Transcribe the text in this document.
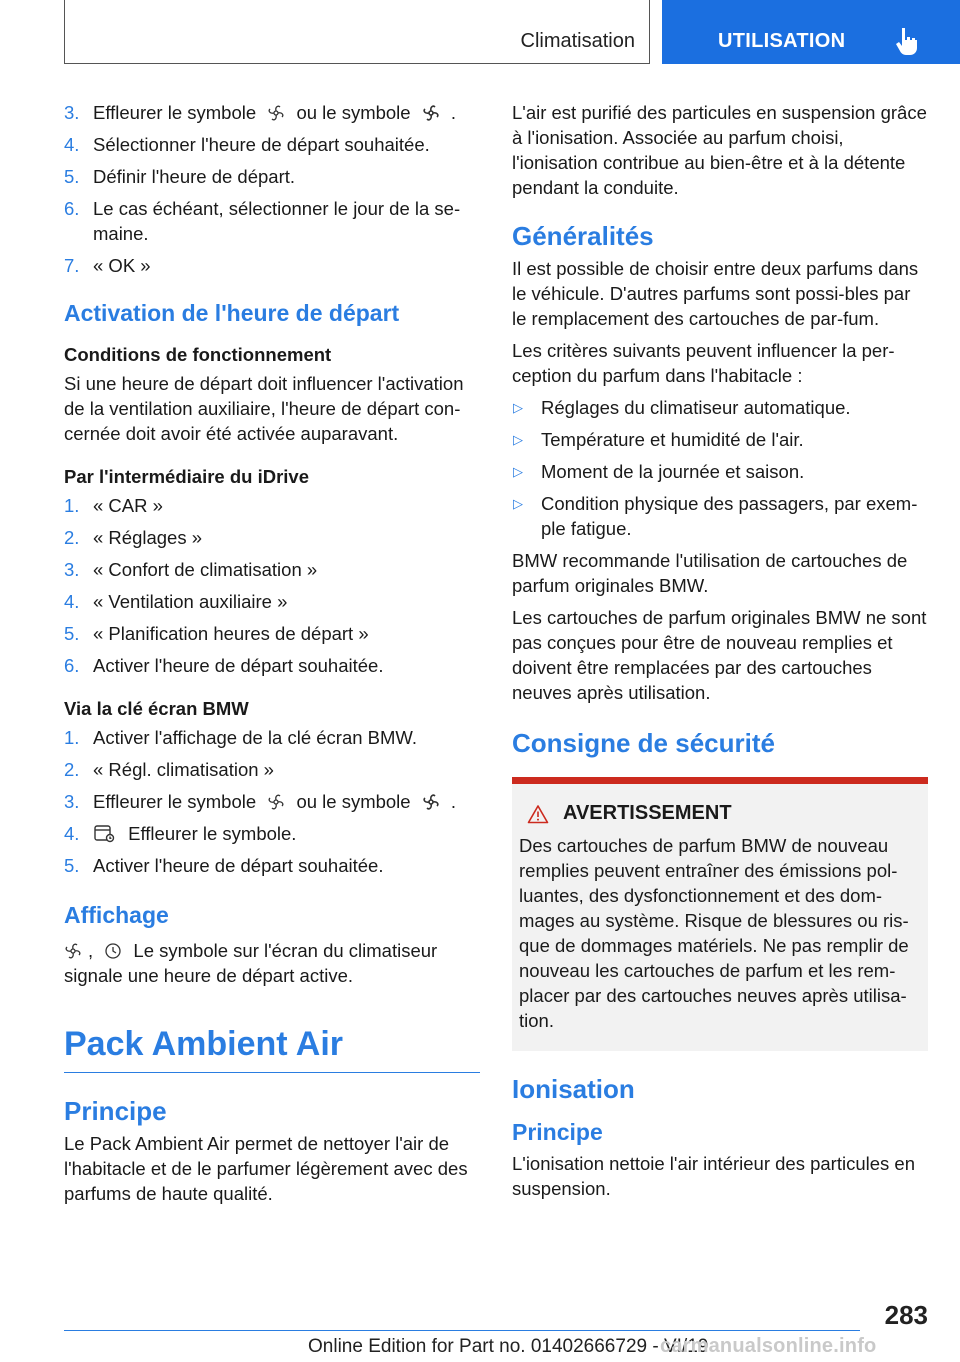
Climatisation	UTILISATION
3. Effleurer le symbole ou le symbole .
4. Sélectionner l'heure de départ souhaitée.
5. Définir l'heure de départ.
6. Le cas échéant, sélectionner le jour de la se‐maine.
7. « OK »
Activation de l'heure de départ
Conditions de fonctionnement

Si une heure de départ doit influencer l'activation de la ventilation auxiliaire, l'heure de départ con‐cernée doit avoir été activée auparavant.

Par l'intermédiaire du iDrive
1. « CAR »
2. « Réglages »
3. « Confort de climatisation »
4. « Ventilation auxiliaire »
5. « Planification heures de départ »
6. Activer l'heure de départ souhaitée.
Via la clé écran BMW
1. Activer l'affichage de la clé écran BMW.
2. « Régl. climatisation »
3. Effleurer le symbole ou le symbole .
4.	Effleurer le symbole.
5. Activer l'heure de départ souhaitée.
Affichage

, Le symbole sur l'écran du climatiseur signale une heure de départ active.

Pack Ambient Air
Principe

Le Pack Ambient Air permet de nettoyer l'air de l'habitacle et de le parfumer légèrement avec des parfums de haute qualité.

L'air est purifié des particules en suspension grâce à l'ionisation. Associée au parfum choisi, l'ionisation contribue au bien-être et à la détente pendant la conduite.

Généralités

Il est possible de choisir entre deux parfums dans le véhicule. D'autres parfums sont possi‐bles par le remplacement des cartouches de par‐fum.

Les critères suivants peuvent influencer la per‐ception du parfum dans l'habitacle :

▷ Réglages du climatiseur automatique.
▷ Température et humidité de l'air.
▷ Moment de la journée et saison.
▷ Condition physique des passagers, par exem‐ple fatigue.

BMW recommande l'utilisation de cartouches de parfum originales BMW.

Les cartouches de parfum originales BMW ne sont pas conçues pour être de nouveau remplies et doivent être remplacées par des cartouches neuves après utilisation.

Consigne de sécurité
AVERTISSEMENT

Des cartouches de parfum BMW de nouveau remplies peuvent entraîner des émissions pol‐luantes, des dysfonctionnement et des dom‐mages au système. Risque de blessures ou ris‐que de dommages matériels. Ne pas remplir de nouveau les cartouches de parfum et les rem‐placer par des cartouches neuves après utilisa‐tion.

Ionisation
Principe

L'ionisation nettoie l'air intérieur des particules en suspension.

283
Online Edition for Part no. 01402666729 - VI/19
carmanualsonline.info
